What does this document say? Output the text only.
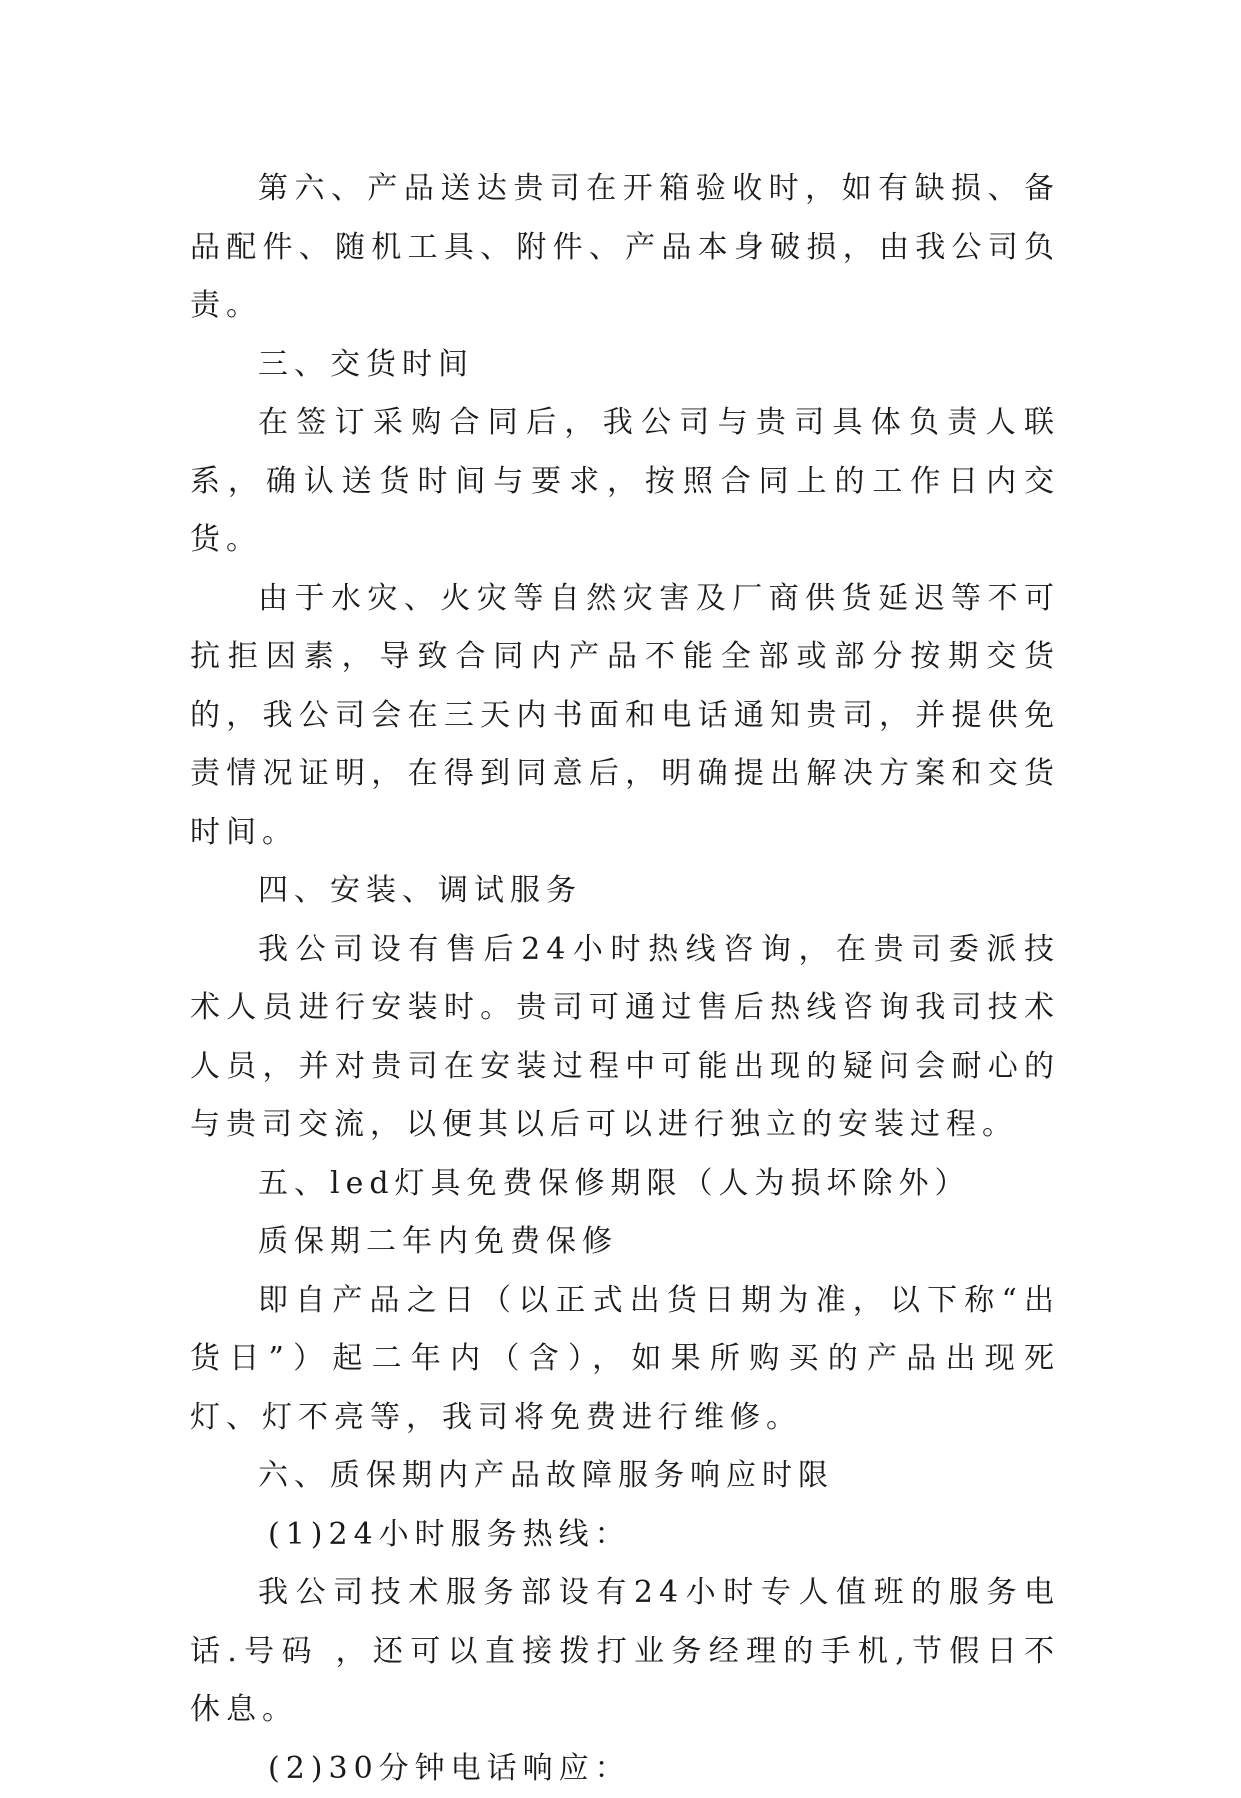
第六、产品送达贵司在开箱验收时，如有缺损、备品配件、随机工具、附件、产品本身破损，由我公司负责。

三、交货时间

在签订采购合同后，我公司与贵司具体负责人联系，确认送货时间与要求，按照合同上的工作日内交货。

由于水灾、火灾等自然灾害及厂商供货延迟等不可抗拒因素，导致合同内产品不能全部或部分按期交货的，我公司会在三天内书面和电话通知贵司，并提供免责情况证明，在得到同意后，明确提出解决方案和交货时间。

四、安装、调试服务

我公司设有售后24小时热线咨询，在贵司委派技术人员进行安装时。贵司可通过售后热线咨询我司技术人员，并对贵司在安装过程中可能出现的疑问会耐心的与贵司交流，以便其以后可以进行独立的安装过程。

五、led灯具免费保修期限（人为损坏除外）

质保期二年内免费保修

即自产品之日（以正式出货日期为准，以下称“出货日”）起二年内（含），如果所购买的产品出现死灯、灯不亮等，我司将免费进行维修。

六、质保期内产品故障服务响应时限

(1)24小时服务热线：

我公司技术服务部设有24小时专人值班的服务电话.号码 ，还可以直接拨打业务经理的手机,节假日不休息。

(2)30分钟电话响应：
